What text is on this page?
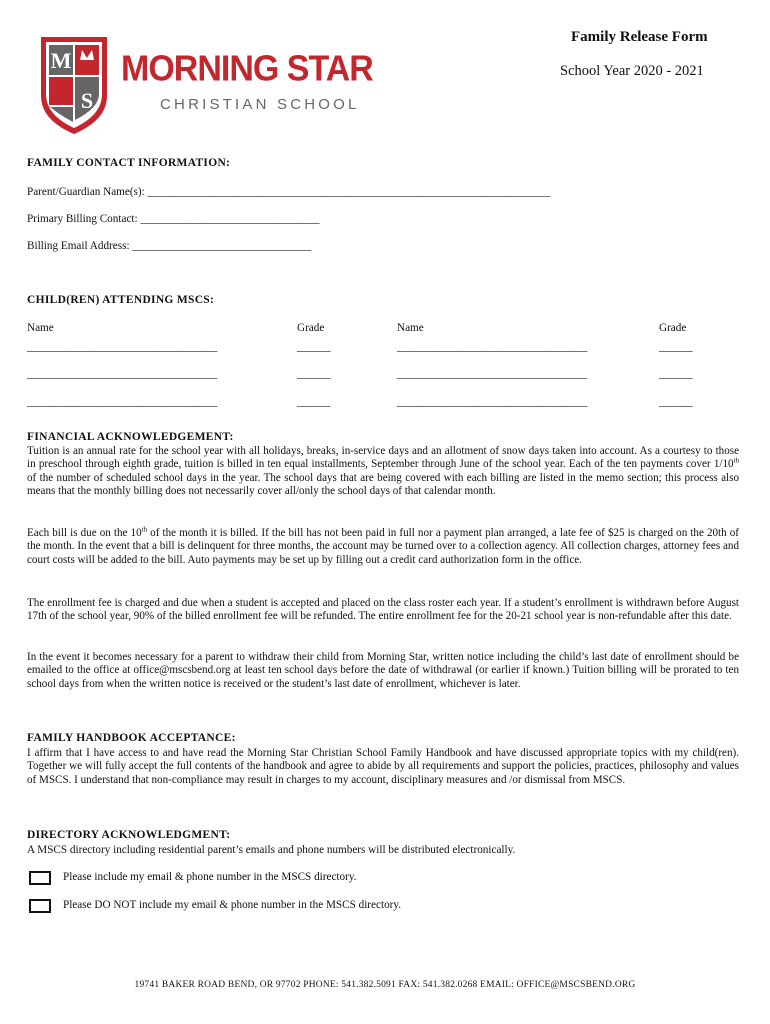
M
S
MORNING STAR
CHRISTIAN SCHOOL
Family Release Form
School Year 2020 - 2021
FAMILY CONTACT INFORMATION:
Parent/Guardian Name(s): ________________________________________________________________________
Primary Billing Contact: ________________________________
Billing Email Address: ________________________________
CHILD(REN) ATTENDING MSCS:
Name	Grade	Name	Grade
__________________________________	______	__________________________________	______
__________________________________	______	__________________________________	______
__________________________________	______	__________________________________	______
FINANCIAL ACKNOWLEDGEMENT:

Tuition is an annual rate for the school year with all holidays, breaks, in-service days and an allotment of snow days taken into account. As a courtesy to those in preschool through eighth grade, tuition is billed in ten equal installments, September through June of the school year. Each of the ten payments cover 1/10th of the number of scheduled school days in the year. The school days that are being covered with each billing are listed in the memo section; this process also means that the monthly billing does not necessarily cover all/only the school days of that calendar month.

Each bill is due on the 10th of the month it is billed. If the bill has not been paid in full nor a payment plan arranged, a late fee of $25 is charged on the 20th of the month. In the event that a bill is delinquent for three months, the account may be turned over to a collection agency. All collection charges, attorney fees and court costs will be added to the bill. Auto payments may be set up by filling out a credit card authorization form in the office.

The enrollment fee is charged and due when a student is accepted and placed on the class roster each year. If a student’s enrollment is withdrawn before August 17th of the school year, 90% of the billed enrollment fee will be refunded. The entire enrollment fee for the 20-21 school year is non-refundable after this date.
In the event it becomes necessary for a parent to withdraw their child from Morning Star, written notice including the child’s last date of enrollment should be emailed to the office at office@mscsbend.org at least ten school days before the date of withdrawal (or earlier if known.) Tuition billing will be prorated to ten school days from when the written notice is received or the student’s last date of enrollment, whichever is later.
FAMILY HANDBOOK ACCEPTANCE:
I affirm that I have access to and have read the Morning Star Christian School Family Handbook and have discussed appropriate topics with my child(ren). Together we will fully accept the full contents of the handbook and agree to abide by all requirements and support the policies, practices, philosophy and values of MSCS. I understand that non-compliance may result in charges to my account, disciplinary measures and /or dismissal from MSCS.
DIRECTORY ACKNOWLEDGMENT:
A MSCS directory including residential parent’s emails and phone numbers will be distributed electronically.
Please include my email & phone number in the MSCS directory.
Please DO NOT include my email & phone number in the MSCS directory.
19741 BAKER ROAD BEND, OR 97702 PHONE: 541.382.5091 FAX: 541.382.0268 EMAIL: OFFICE@MSCSBEND.ORG
